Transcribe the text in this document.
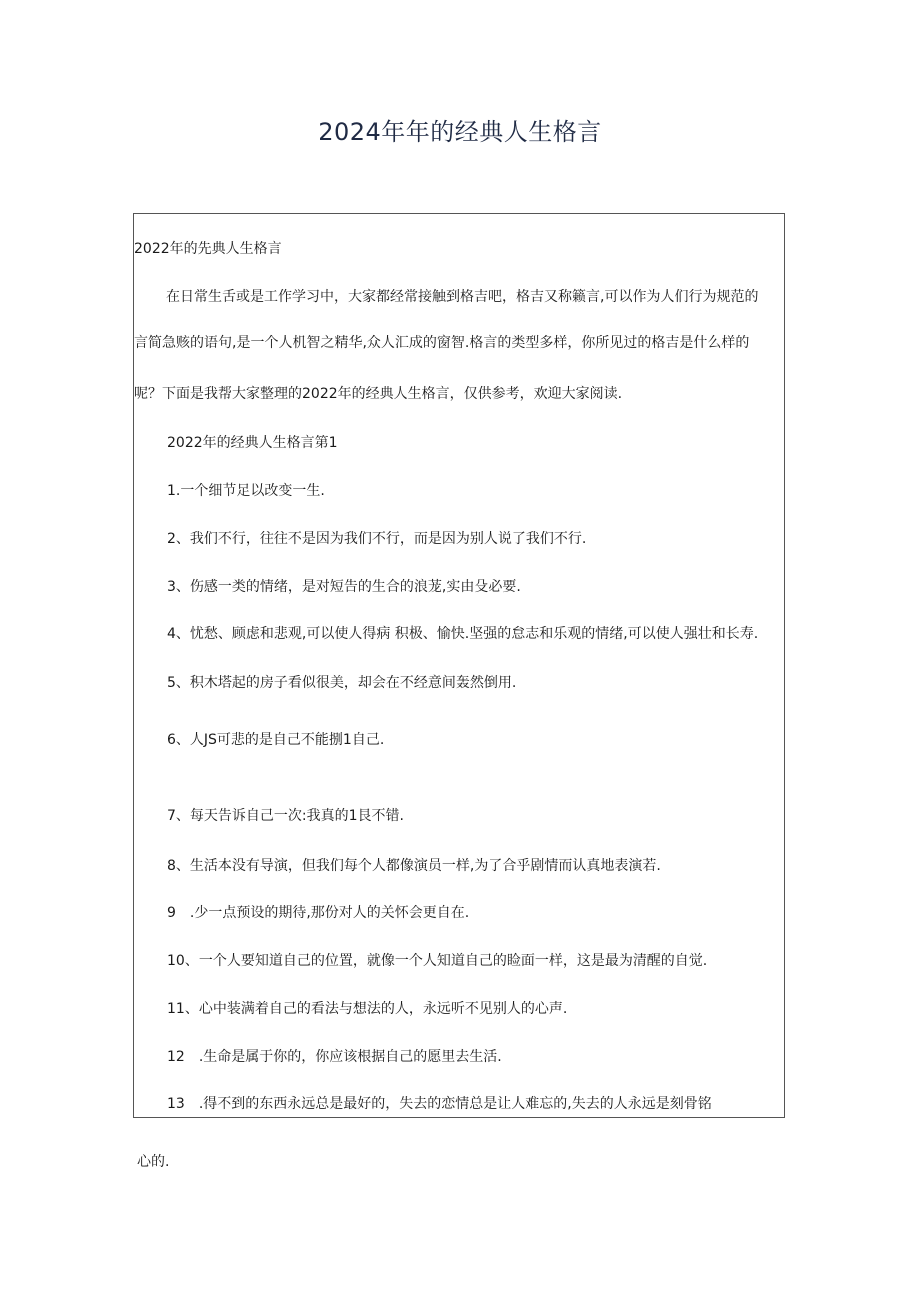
2024年年的经典人生格言
2022年的先典人生格言
在日常生舌或是工作学习中，大家都经常接触到格吉吧，格吉又称籁言,可以作为人们行为规范的
言简急赅的语句,是一个人机智之精华,众人汇成的窗智.格言的类型多样，你所见过的格吉是什么样的
呢？下面是我帮大家整理的2022年的经典人生格言，仅供参考，欢迎大家阅读.
2022年的经典人生格言第1
1.一个细节足以改变一生.
2、我们不行，往往不是因为我们不行，而是因为别人说了我们不行.
3、伤感一类的情绪，是对短告的生合的浪茏,实由殳必要.
4、忧愁、顾虑和悲观,可以使人得病 积极、愉快.坚强的怠志和乐观的情绪,可以使人强壮和长寿.
5、积木塔起的房子看似很美，却会在不经意间轰然倒用.
6、人JS可悲的是自己不能捌1自己.
7、每天告诉自己一次:我真的1艮不错.
8、生活本没有导演，但我们每个人都像演员一样,为了合乎剧情而认真地表演若.
9　.少一点预设的期待,那份对人的关怀会更自在.
10、一个人要知道自己的位置，就像一个人知道自己的睑面一样，这是最为清醒的自觉.
11、心中装满着自己的看法与想法的人，永远听不见别人的心声.
12　.生命是属于你的，你应该根据自己的愿里去生活.
13　.得不到的东西永远总是最好的，失去的恋情总是让人难忘的,失去的人永远是刻骨铭
心的.
